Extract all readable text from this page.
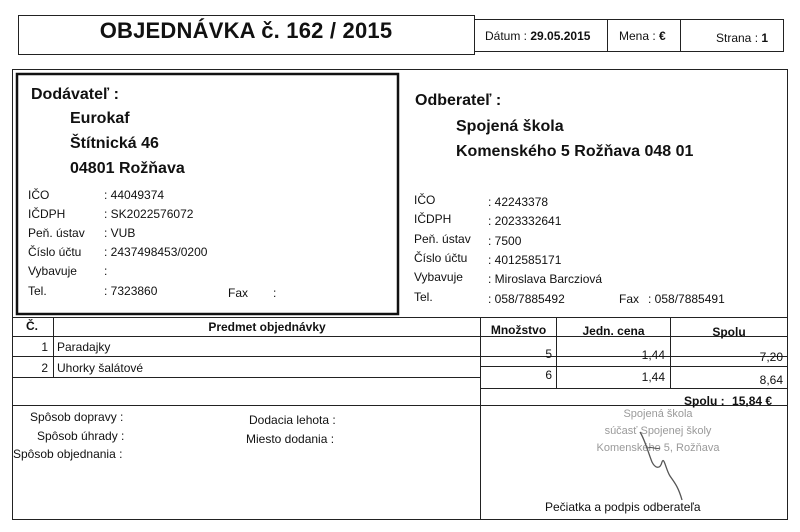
OBJEDNÁVKA č. 162 / 2015	Dátum : 29.05.2015 Mena : €	Strana : 1
Dodávateľ :
Eurokaf
Štítnická 46
04801 Rožňava
IČO	: 44049374
IČDPH	: SK2022576072
Peň. ústav : VUB
Číslo účtu : 2437498453/0200
Vybavuje :
Tel.	: 7323860	Fax :
Odberateľ :
Spojená škola
Komenského 5 Rožňava 048 01
IČO	: 42243378
IČDPH	: 2023332641
Peň. ústav : 7500
Číslo účtu : 4012585171
Vybavuje : Miroslava Barcziová
Tel.	: 058/7885492	Fax : 058/7885491
Č.	Predmet objednávky	Množstvo	Jedn. cena	Spolu
1 Paradajky	5	1,44	7,20
2 Uhorky šalátové	6	1,44	8,64
Spolu : 15,84 €
Spôsob dopravy :
Spôsob úhrady :
Spôsob objednania :
Dodacia lehota :
Miesto dodania :
Spojená škola
súčasť Spojenej školy
Komenského 5, Rožňava
Pečiatka a podpis odberateľa
